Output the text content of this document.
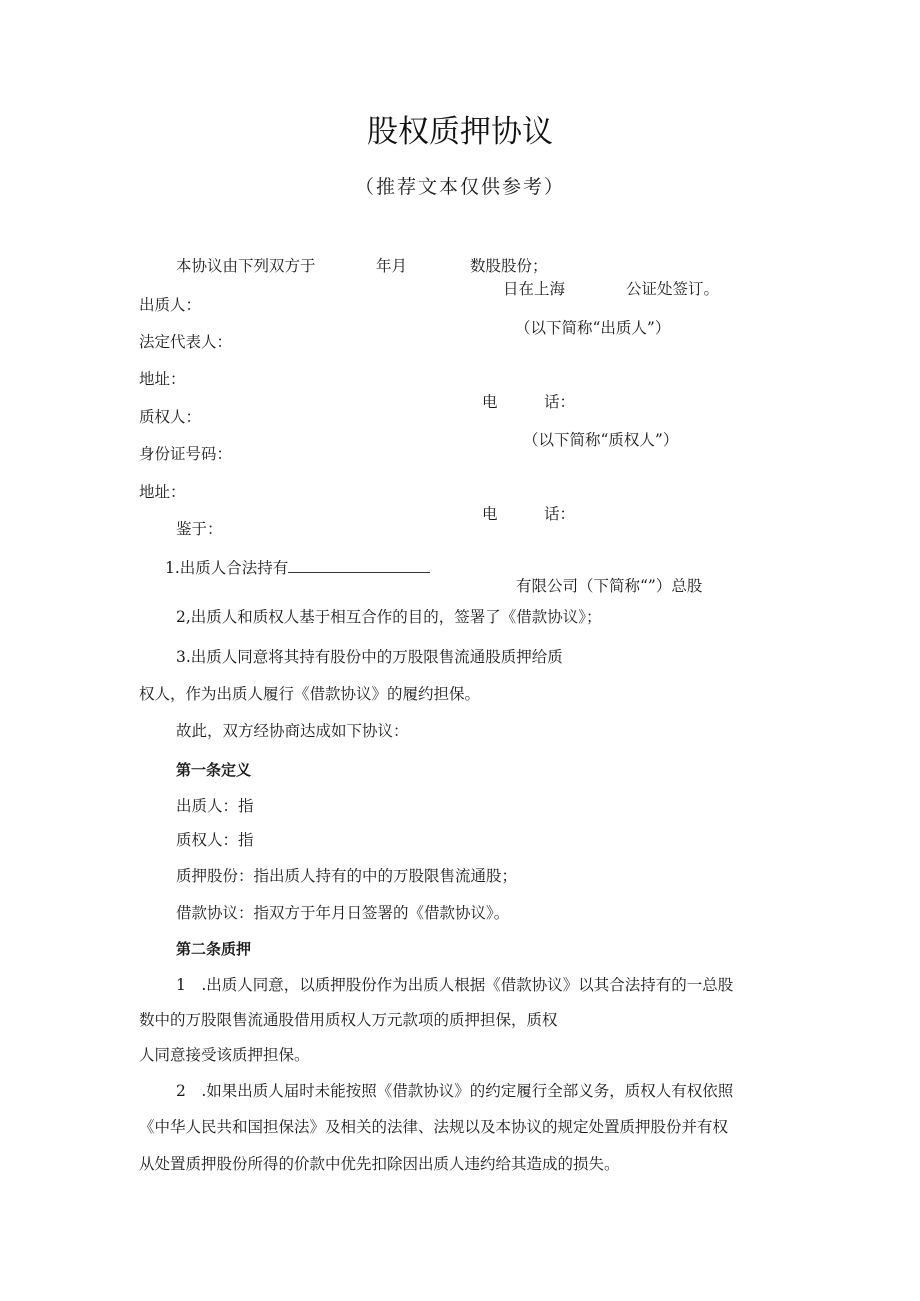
股权质押协议
（推荐文本仅供参考）
本协议由下列双方于	年月	数股股份；
日在上海	公证处签订。
出质人：
（以下简称“出质人”）
法定代表人：
地址：
电　　　话：
质权人：
（以下简称“质权人”）
身份证号码：
地址：
电　　　话：
鉴于：
1.出质人合法持有
有限公司（下简称“”）总股
2,出质人和质权人基于相互合作的目的，签署了《借款协议》；
3.出质人同意将其持有股份中的万股限售流通股质押给质
权人，作为出质人履行《借款协议》的履约担保。
故此，双方经协商达成如下协议：
第一条定义
出质人：指
质权人：指
质押股份：指出质人持有的中的万股限售流通股；
借款协议：指双方于年月日签署的《借款协议》。
第二条质押
1　.出质人同意，以质押股份作为出质人根据《借款协议》以其合法持有的一总股
数中的万股限售流通股借用质权人万元款项的质押担保，质权
人同意接受该质押担保。
2　.如果出质人届时未能按照《借款协议》的约定履行全部义务，质权人有权依照
《中华人民共和国担保法》及相关的法律、法规以及本协议的规定处置质押股份并有权
从处置质押股份所得的价款中优先扣除因出质人违约给其造成的损失。
